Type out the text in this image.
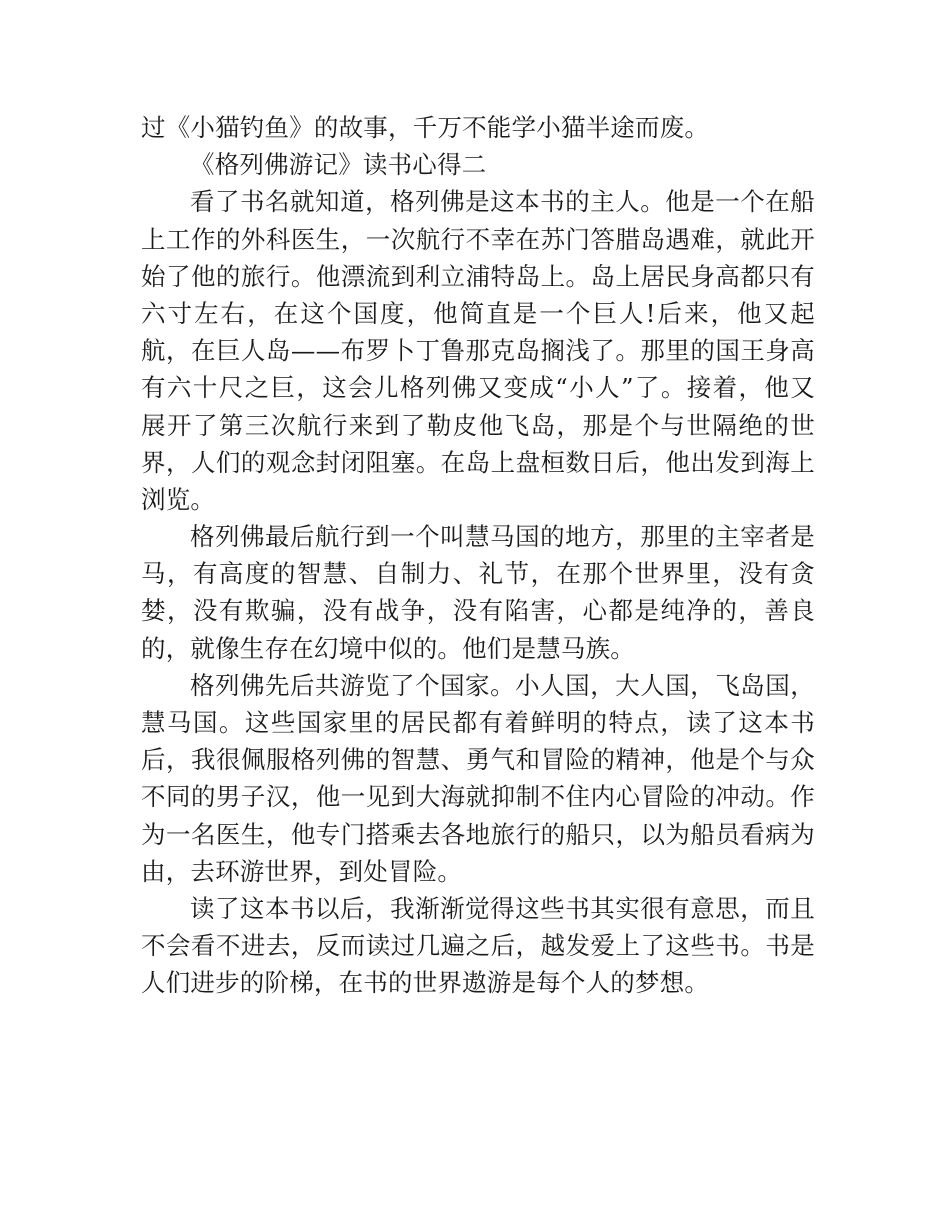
过《小猫钓鱼》的故事，千万不能学小猫半途而废。
《格列佛游记》读书心得二
看了书名就知道，格列佛是这本书的主人。他是一个在船
上工作的外科医生，一次航行不幸在苏门答腊岛遇难，就此开
始了他的旅行。他漂流到利立浦特岛上。岛上居民身高都只有
六寸左右，在这个国度，他简直是一个巨人!后来，他又起
航，在巨人岛——布罗卜丁鲁那克岛搁浅了。那里的国王身高
有六十尺之巨，这会儿格列佛又变成“小人”了。接着，他又
展开了第三次航行来到了勒皮他飞岛，那是个与世隔绝的世
界，人们的观念封闭阻塞。在岛上盘桓数日后，他出发到海上
浏览。
格列佛最后航行到一个叫慧马国的地方，那里的主宰者是
马，有高度的智慧、自制力、礼节，在那个世界里，没有贪
婪，没有欺骗，没有战争，没有陷害，心都是纯净的，善良
的，就像生存在幻境中似的。他们是慧马族。
格列佛先后共游览了个国家。小人国，大人国，飞岛国，
慧马国。这些国家里的居民都有着鲜明的特点，读了这本书
后，我很佩服格列佛的智慧、勇气和冒险的精神，他是个与众
不同的男子汉，他一见到大海就抑制不住内心冒险的冲动。作
为一名医生，他专门搭乘去各地旅行的船只，以为船员看病为
由，去环游世界，到处冒险。
读了这本书以后，我渐渐觉得这些书其实很有意思，而且
不会看不进去，反而读过几遍之后，越发爱上了这些书。书是
人们进步的阶梯，在书的世界遨游是每个人的梦想。
